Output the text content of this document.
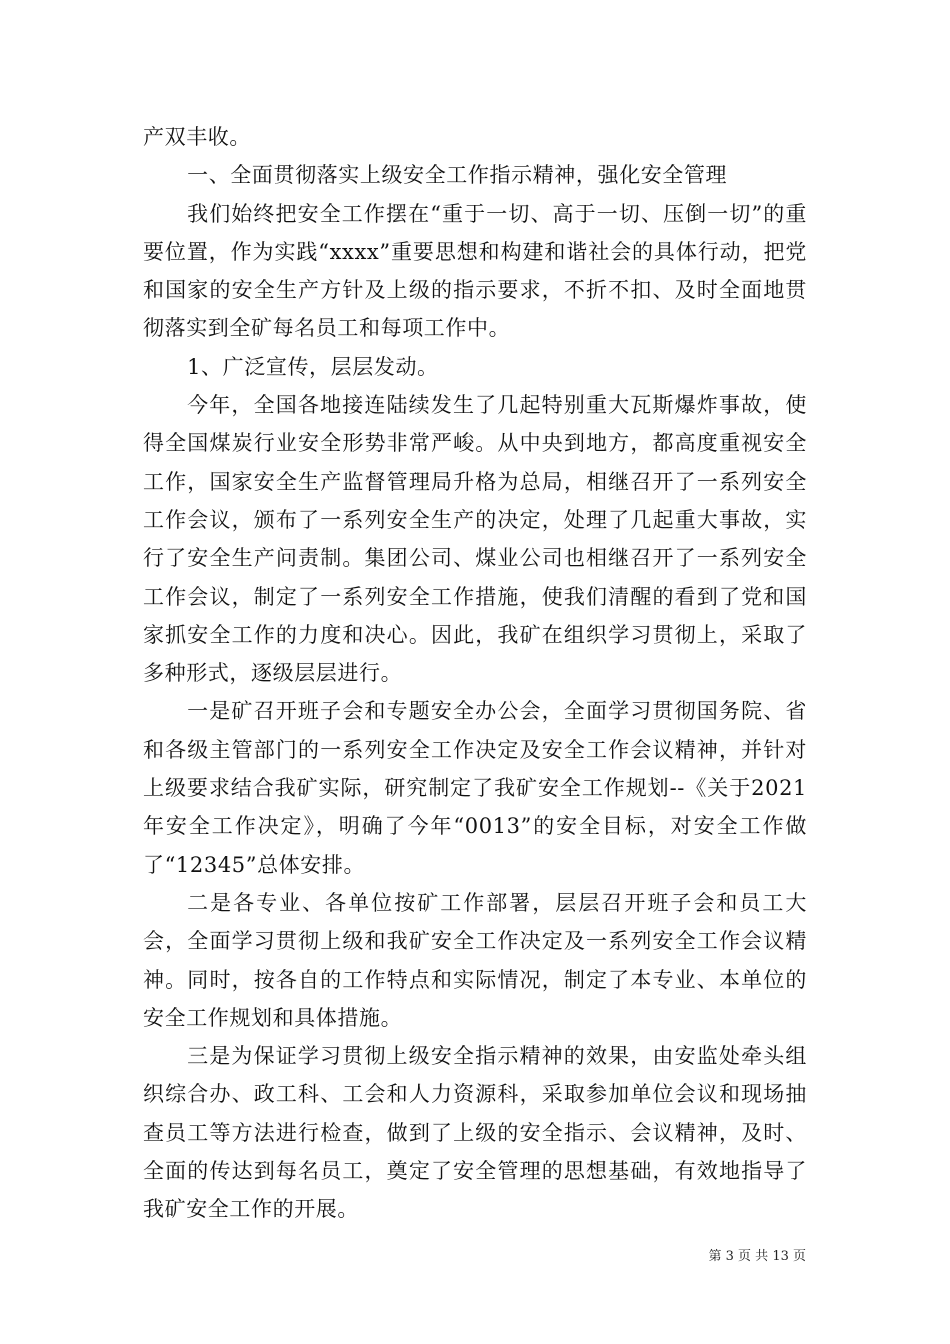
产双丰收。

一、全面贯彻落实上级安全工作指示精神，强化安全管理

我们始终把安全工作摆在“重于一切、高于一切、压倒一切”的重要位置，作为实践“xxxx”重要思想和构建和谐社会的具体行动，把党和国家的安全生产方针及上级的指示要求，不折不扣、及时全面地贯彻落实到全矿每名员工和每项工作中。

1、广泛宣传，层层发动。

今年，全国各地接连陆续发生了几起特别重大瓦斯爆炸事故，使得全国煤炭行业安全形势非常严峻。从中央到地方，都高度重视安全工作，国家安全生产监督管理局升格为总局，相继召开了一系列安全工作会议，颁布了一系列安全生产的决定，处理了几起重大事故，实行了安全生产问责制。集团公司、煤业公司也相继召开了一系列安全工作会议，制定了一系列安全工作措施，使我们清醒的看到了党和国家抓安全工作的力度和决心。因此，我矿在组织学习贯彻上，采取了多种形式，逐级层层进行。

一是矿召开班子会和专题安全办公会，全面学习贯彻国务院、省和各级主管部门的一系列安全工作决定及安全工作会议精神，并针对上级要求结合我矿实际，研究制定了我矿安全工作规划--《关于2021年安全工作决定》，明确了今年“0013”的安全目标，对安全工作做了“12345”总体安排。

二是各专业、各单位按矿工作部署，层层召开班子会和员工大会，全面学习贯彻上级和我矿安全工作决定及一系列安全工作会议精神。同时，按各自的工作特点和实际情况，制定了本专业、本单位的安全工作规划和具体措施。

三是为保证学习贯彻上级安全指示精神的效果，由安监处牵头组织综合办、政工科、工会和人力资源科，采取参加单位会议和现场抽查员工等方法进行检查，做到了上级的安全指示、会议精神，及时、全面的传达到每名员工，奠定了安全管理的思想基础，有效地指导了我矿安全工作的开展。

第 3 页 共 13 页
